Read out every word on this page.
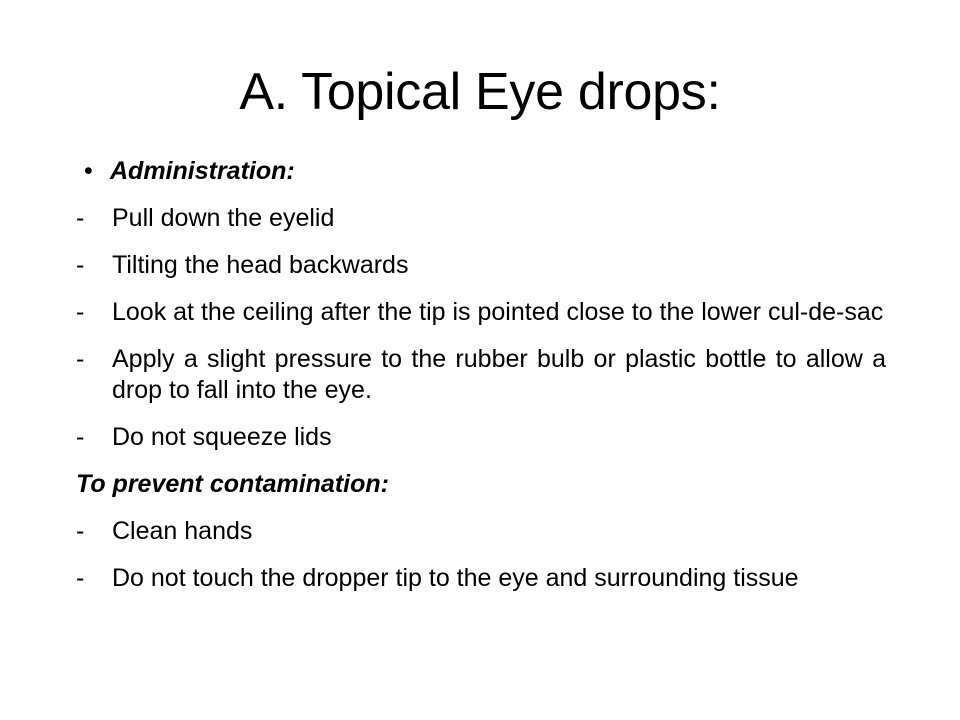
A. Topical Eye drops:
• Administration:
- Pull down the eyelid
- Tilting the head backwards
- Look at the ceiling after the tip is pointed close to the lower cul-de-sac
- Apply a slight pressure to the rubber bulb or plastic bottle to allow a drop to fall into the eye.
- Do not squeeze lids
To prevent contamination:
- Clean hands
- Do not touch the dropper tip to the eye and surrounding tissue
